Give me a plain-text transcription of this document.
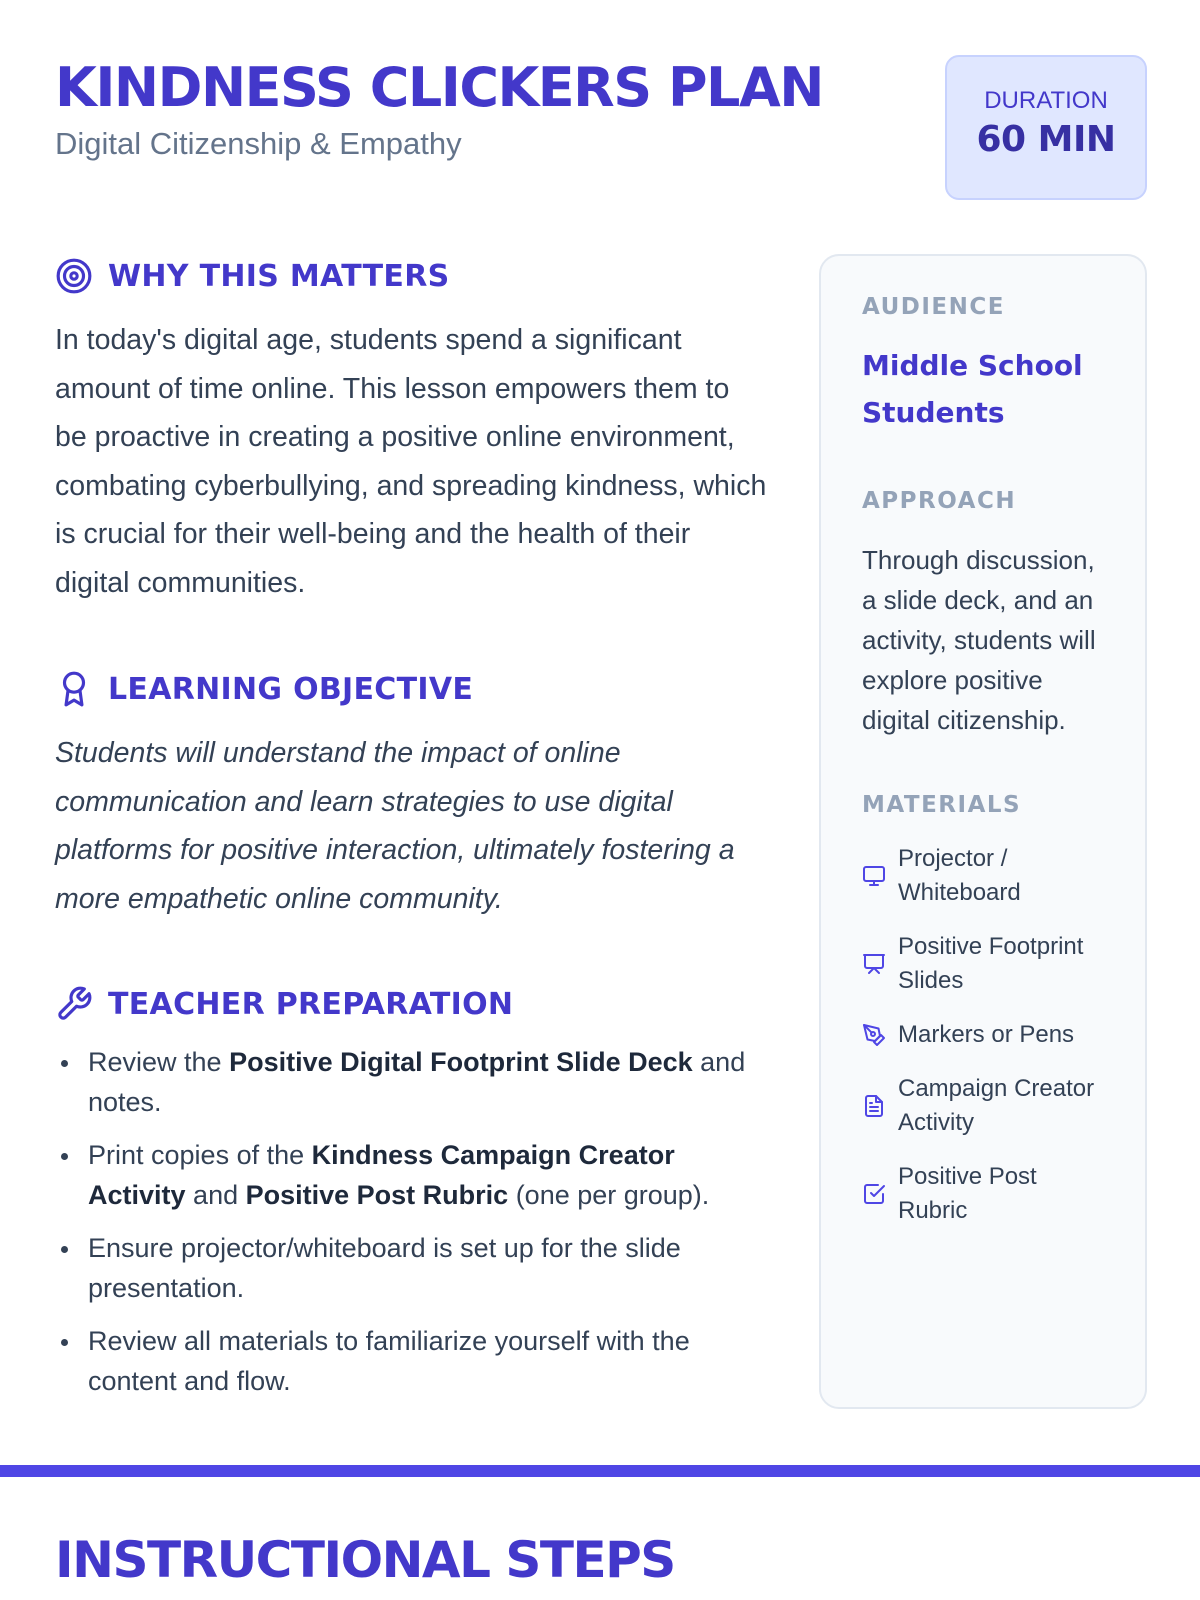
KINDNESS CLICKERS PLAN
Digital Citizenship & Empathy
DURATION
60 MIN
WHY THIS MATTERS

In today's digital age, students spend a significant amount of time online. This lesson empowers them to be proactive in creating a positive online environment, combating cyberbullying, and spreading kindness, which is crucial for their well-being and the health of their digital communities.

LEARNING OBJECTIVE

Students will understand the impact of online communication and learn strategies to use digital platforms for positive interaction, ultimately fostering a more empathetic online community.

TEACHER PREPARATION
Review the Positive Digital Footprint Slide Deck and notes.
Print copies of the Kindness Campaign Creator Activity and Positive Post Rubric (one per group).
Ensure projector/whiteboard is set up for the slide presentation.
Review all materials to familiarize yourself with the content and flow.
AUDIENCE
Middle School Students
APPROACH
Through discussion, a slide deck, and an activity, students will explore positive digital citizenship.
MATERIALS
Projector / Whiteboard
Positive Footprint Slides
Markers or Pens
Campaign Creator Activity
Positive Post Rubric
INSTRUCTIONAL STEPS
